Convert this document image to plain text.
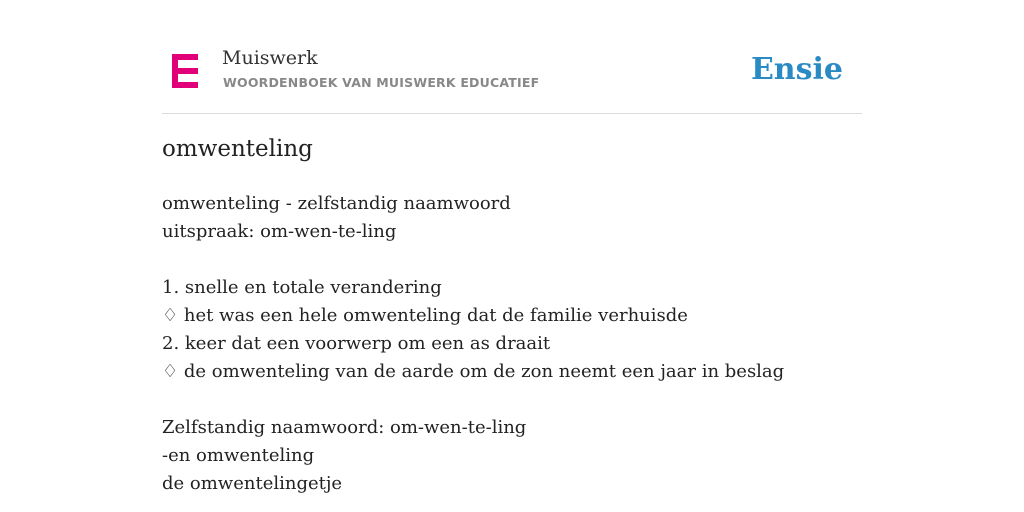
Muiswerk
WOORDENBOEK VAN MUISWERK EDUCATIEF	Ensie
omwenteling
omwenteling - zelfstandig naamwoord
uitspraak: om-wen-te-ling
1. snelle en totale verandering
♢ het was een hele omwenteling dat de familie verhuisde
2. keer dat een voorwerp om een as draait
♢ de omwenteling van de aarde om de zon neemt een jaar in beslag
Zelfstandig naamwoord: om-wen-te-ling
-en omwenteling
de omwentelingetje
